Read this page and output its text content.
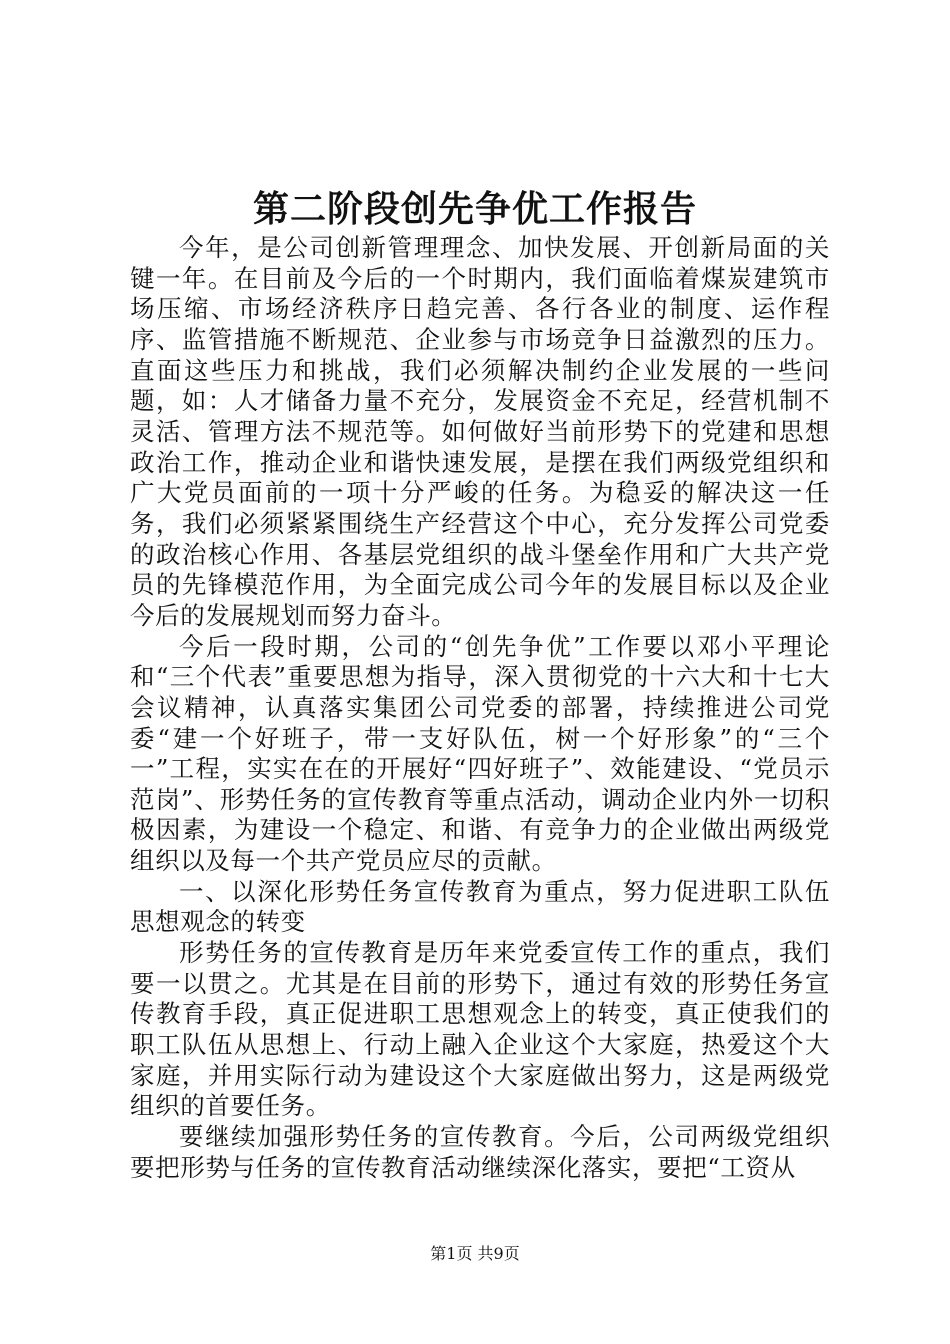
第二阶段创先争优工作报告

今年，是公司创新管理理念、加快发展、开创新局面的关键一年。在目前及今后的一个时期内，我们面临着煤炭建筑市场压缩、市场经济秩序日趋完善、各行各业的制度、运作程序、监管措施不断规范、企业参与市场竞争日益激烈的压力。直面这些压力和挑战，我们必须解决制约企业发展的一些问题，如：人才储备力量不充分，发展资金不充足，经营机制不灵活、管理方法不规范等。如何做好当前形势下的党建和思想政治工作，推动企业和谐快速发展，是摆在我们两级党组织和广大党员面前的一项十分严峻的任务。为稳妥的解决这一任务，我们必须紧紧围绕生产经营这个中心，充分发挥公司党委的政治核心作用、各基层党组织的战斗堡垒作用和广大共产党员的先锋模范作用，为全面完成公司今年的发展目标以及企业今后的发展规划而努力奋斗。

今后一段时期，公司的“创先争优”工作要以邓小平理论和“三个代表”重要思想为指导，深入贯彻党的十六大和十七大会议精神，认真落实集团公司党委的部署，持续推进公司党委“建一个好班子，带一支好队伍，树一个好形象”的“三个一”工程，实实在在的开展好“四好班子”、效能建设、“党员示范岗”、形势任务的宣传教育等重点活动，调动企业内外一切积极因素，为建设一个稳定、和谐、有竞争力的企业做出两级党组织以及每一个共产党员应尽的贡献。

一、以深化形势任务宣传教育为重点，努力促进职工队伍思想观念的转变

形势任务的宣传教育是历年来党委宣传工作的重点，我们要一以贯之。尤其是在目前的形势下，通过有效的形势任务宣传教育手段，真正促进职工思想观念上的转变，真正使我们的职工队伍从思想上、行动上融入企业这个大家庭，热爱这个大家庭，并用实际行动为建设这个大家庭做出努力，这是两级党组织的首要任务。

要继续加强形势任务的宣传教育。今后，公司两级党组织要把形势与任务的宣传教育活动继续深化落实，要把“工资从

第1页 共9页
